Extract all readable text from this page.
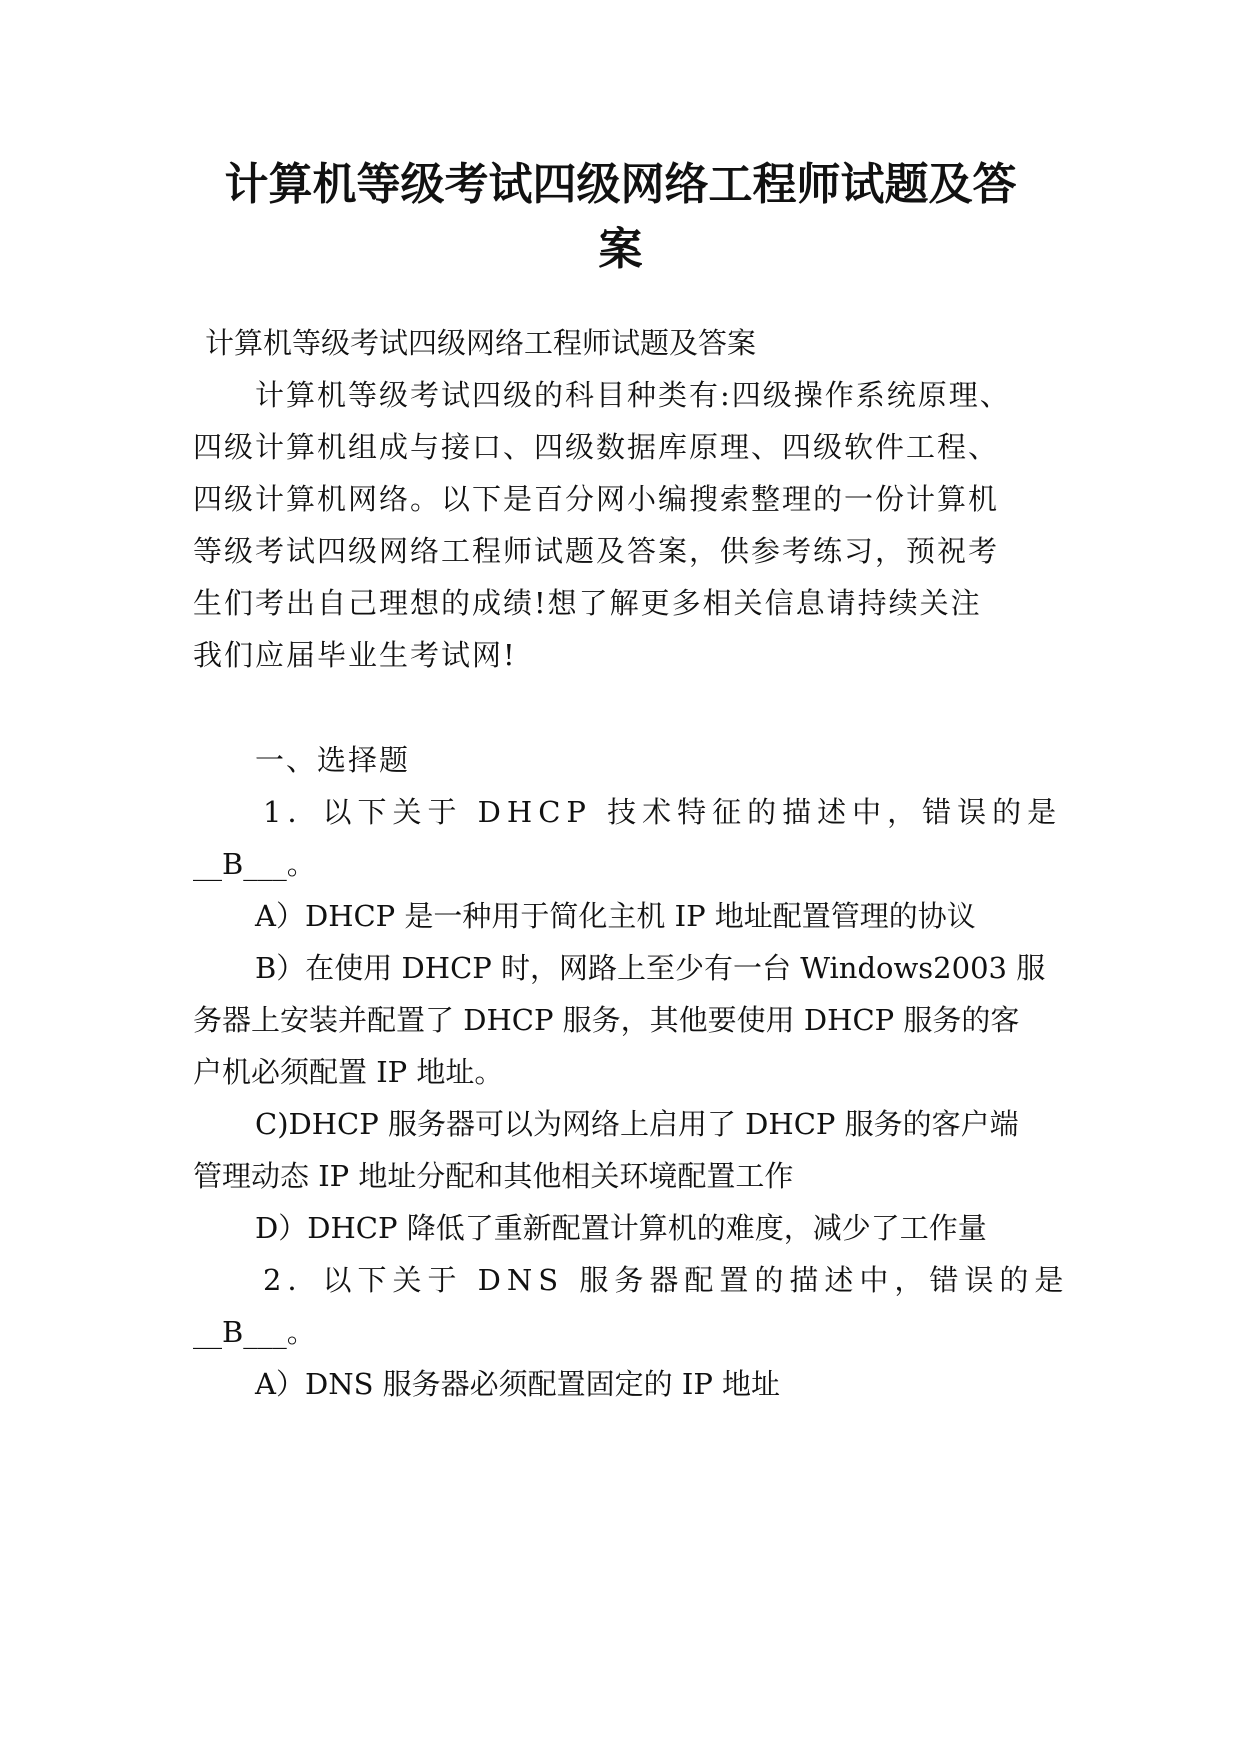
计算机等级考试四级网络工程师试题及答
案

计算机等级考试四级网络工程师试题及答案

计算机等级考试四级的科目种类有:四级操作系统原理、

四级计算机组成与接口、四级数据库原理、四级软件工程、

四级计算机网络。以下是百分网小编搜索整理的一份计算机

等级考试四级网络工程师试题及答案，供参考练习，预祝考

生们考出自己理想的成绩!想了解更多相关信息请持续关注

我们应届毕业生考试网!

一、选择题

1．以下关于 DHCP 技术特征的描述中，错误的是

__B___。

A）DHCP 是一种用于简化主机 IP 地址配置管理的协议

B）在使用 DHCP 时，网路上至少有一台 Windows2003 服

务器上安装并配置了 DHCP 服务，其他要使用 DHCP 服务的客

户机必须配置 IP 地址。

C)DHCP 服务器可以为网络上启用了 DHCP 服务的客户端

管理动态 IP 地址分配和其他相关环境配置工作

D）DHCP 降低了重新配置计算机的难度，减少了工作量

2．以下关于 DNS 服务器配置的描述中，错误的是

__B___。

A）DNS 服务器必须配置固定的 IP 地址
